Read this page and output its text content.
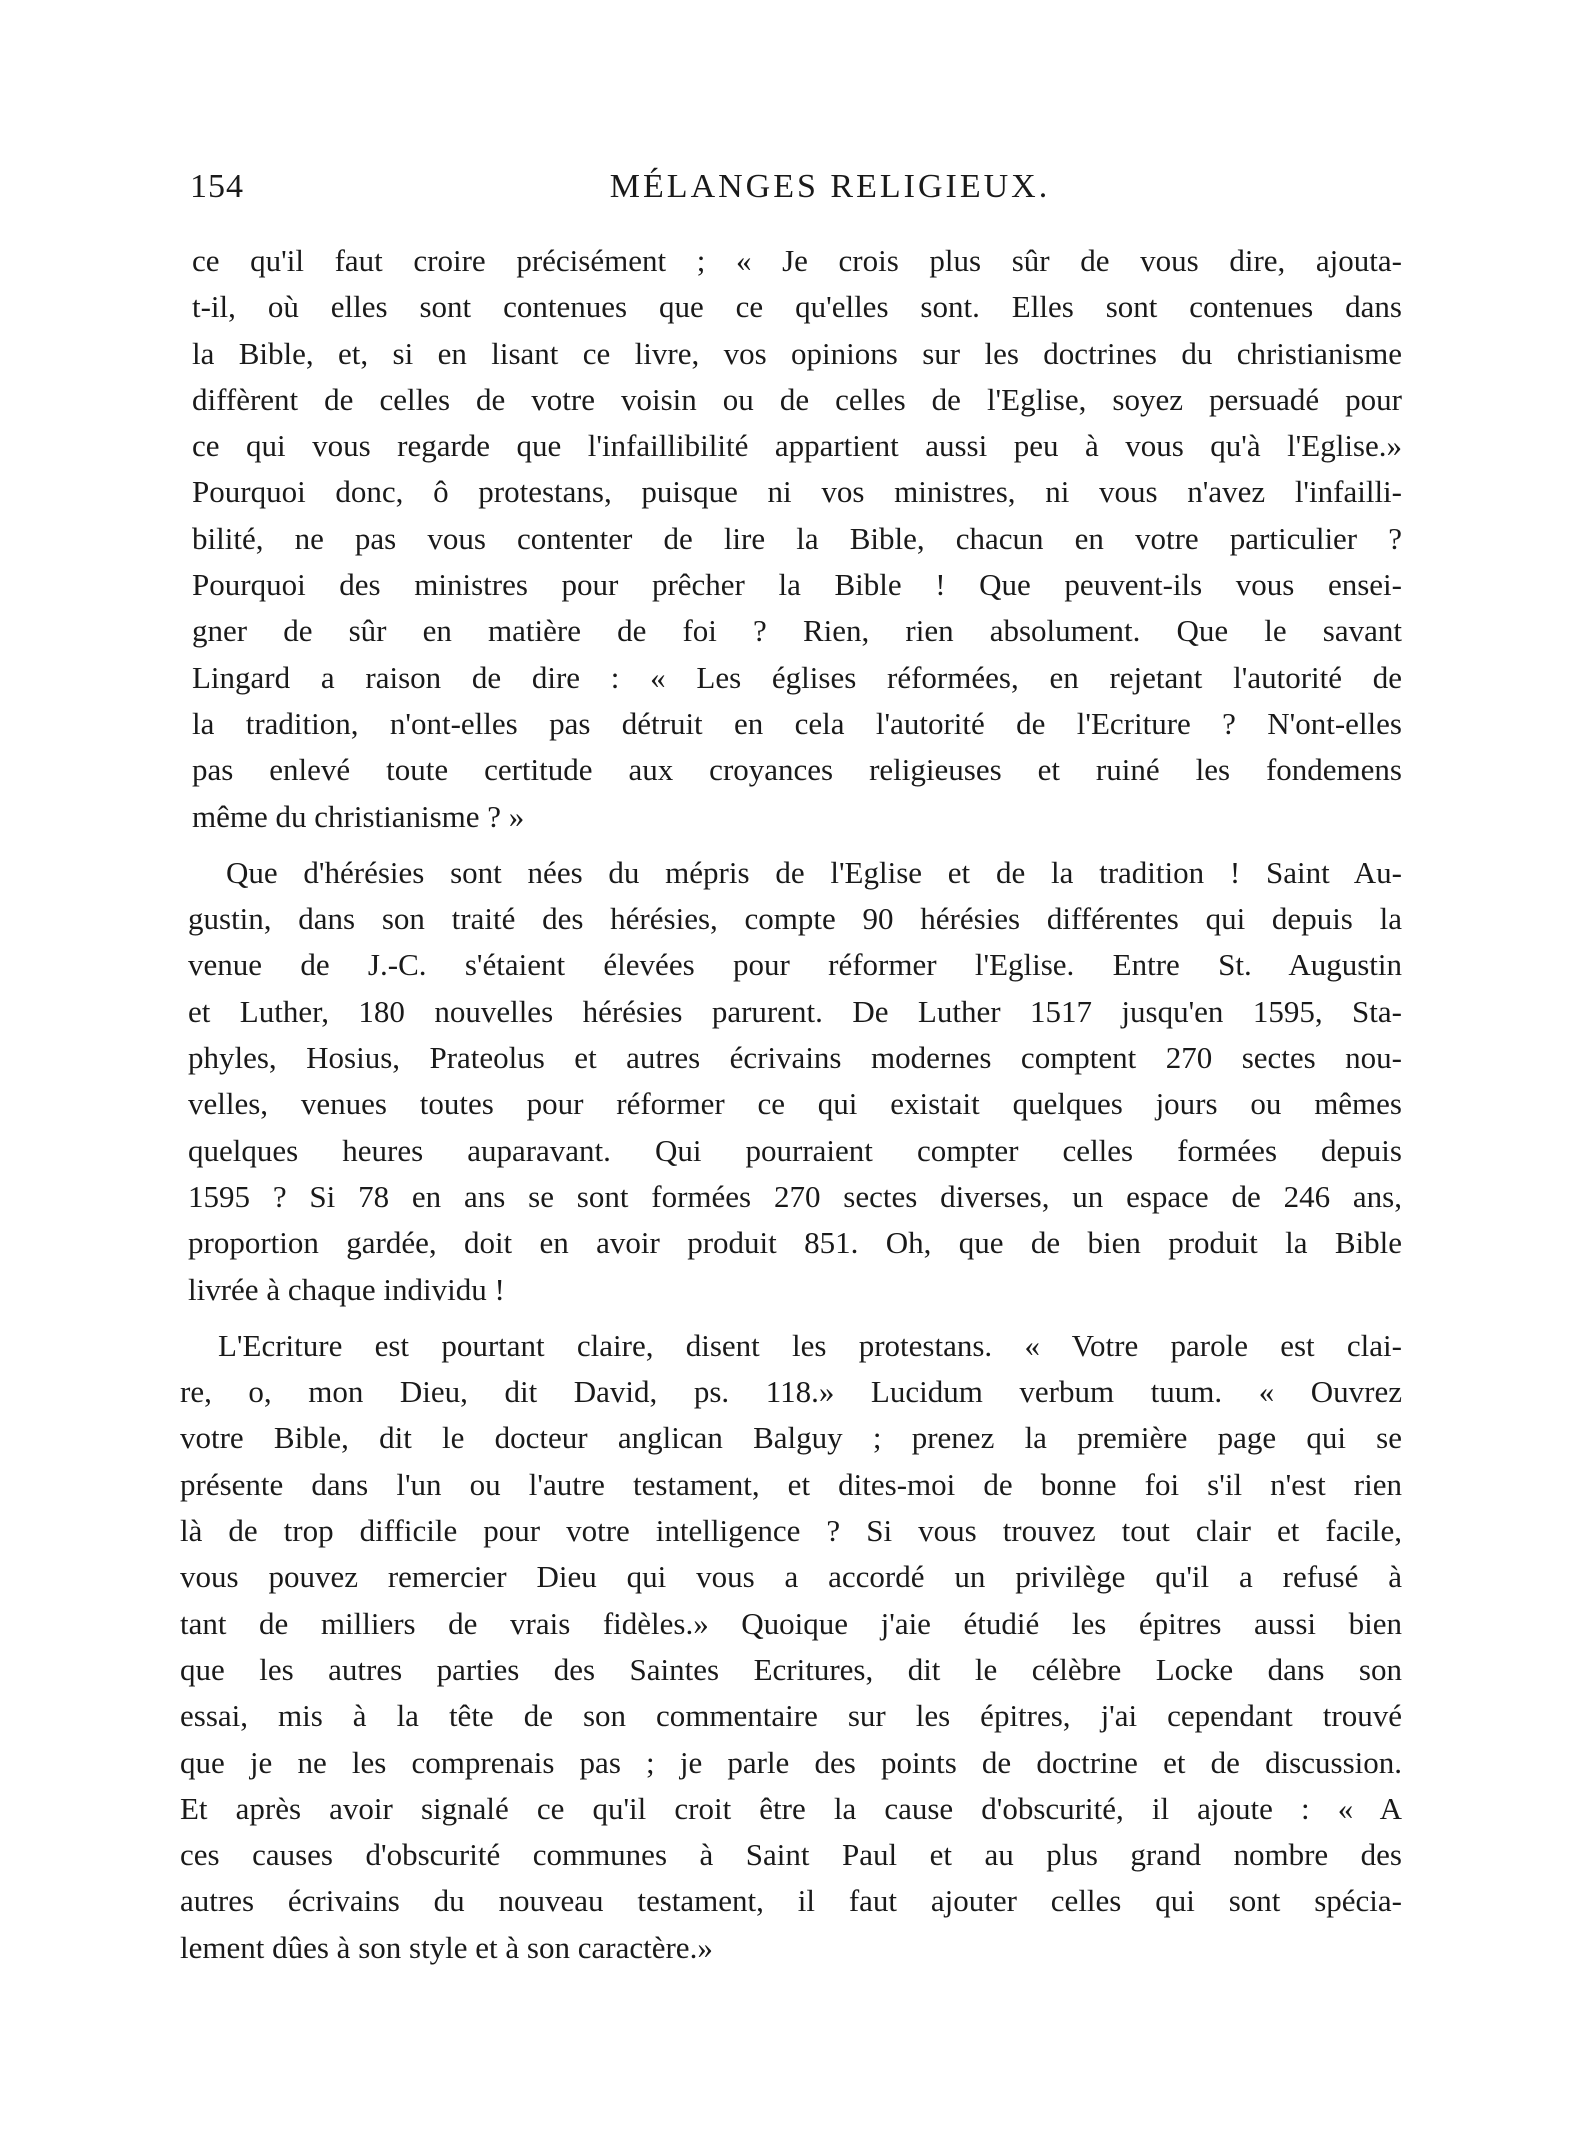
154	MÉLANGES RELIGIEUX.
ce qu'il faut croire précisément ; « Je crois plus sûr de vous dire, ajouta-
t-il, où elles sont contenues que ce qu'elles sont. Elles sont contenues dans
la Bible, et, si en lisant ce livre, vos opinions sur les doctrines du christianisme
diffèrent de celles de votre voisin ou de celles de l'Eglise, soyez persuadé pour
ce qui vous regarde que l'infaillibilité appartient aussi peu à vous qu'à l'Eglise.»
Pourquoi donc, ô protestans, puisque ni vos ministres, ni vous n'avez l'infailli-
bilité, ne pas vous contenter de lire la Bible, chacun en votre particulier ?
Pourquoi des ministres pour prêcher la Bible ! Que peuvent-ils vous ensei-
gner de sûr en matière de foi ? Rien, rien absolument. Que le savant
Lingard a raison de dire : « Les églises réformées, en rejetant l'autorité de
la tradition, n'ont-elles pas détruit en cela l'autorité de l'Ecriture ? N'ont-elles
pas enlevé toute certitude aux croyances religieuses et ruiné les fondemens
même du christianisme ? »
Que d'hérésies sont nées du mépris de l'Eglise et de la tradition ! Saint Au-
gustin, dans son traité des hérésies, compte 90 hérésies différentes qui depuis la
venue de J.-C. s'étaient élevées pour réformer l'Eglise. Entre St. Augustin
et Luther, 180 nouvelles hérésies parurent. De Luther 1517 jusqu'en 1595, Sta-
phyles, Hosius, Prateolus et autres écrivains modernes comptent 270 sectes nou-
velles, venues toutes pour réformer ce qui existait quelques jours ou mêmes
quelques heures auparavant. Qui pourraient compter celles formées depuis
1595 ? Si 78 en ans se sont formées 270 sectes diverses, un espace de 246 ans,
proportion gardée, doit en avoir produit 851. Oh, que de bien produit la Bible
livrée à chaque individu !
L'Ecriture est pourtant claire, disent les protestans. « Votre parole est clai-
re, o, mon Dieu, dit David, ps. 118.» Lucidum verbum tuum. « Ouvrez
votre Bible, dit le docteur anglican Balguy ; prenez la première page qui se
présente dans l'un ou l'autre testament, et dites-moi de bonne foi s'il n'est rien
là de trop difficile pour votre intelligence ? Si vous trouvez tout clair et facile,
vous pouvez remercier Dieu qui vous a accordé un privilège qu'il a refusé à
tant de milliers de vrais fidèles.» Quoique j'aie étudié les épitres aussi bien
que les autres parties des Saintes Ecritures, dit le célèbre Locke dans son
essai, mis à la tête de son commentaire sur les épitres, j'ai cependant trouvé
que je ne les comprenais pas ; je parle des points de doctrine et de discussion.
Et après avoir signalé ce qu'il croit être la cause d'obscurité, il ajoute : « A
ces causes d'obscurité communes à Saint Paul et au plus grand nombre des
autres écrivains du nouveau testament, il faut ajouter celles qui sont spécia-
lement dûes à son style et à son caractère.»
